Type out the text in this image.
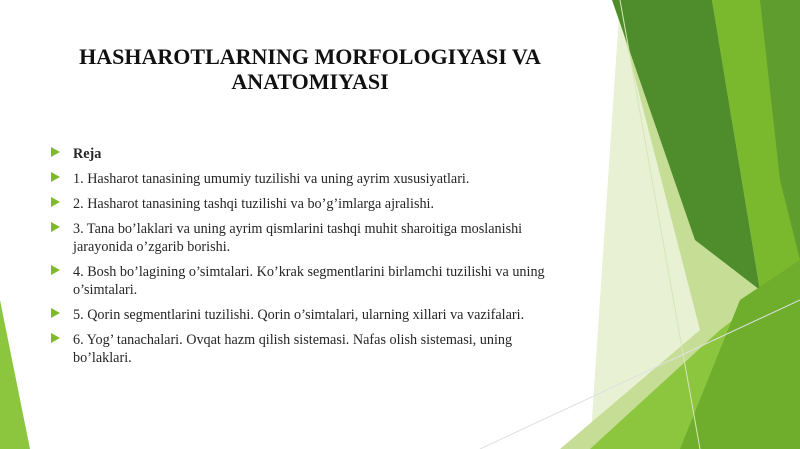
HASHAROTLARNING MORFOLOGIYASI VA ANATOMIYASI
Reja
1. Hasharot tanasining umumiy tuzilishi va uning ayrim xususiyatlari.
2. Hasharot tanasining tashqi tuzilishi va bo’g’imlarga ajralishi.
3. Tana bo’laklari va uning ayrim qismlarini tashqi muhit sharoitiga moslanishi jarayonida o’zgarib borishi.
4. Bosh bo’lagining o’simtalari. Ko’krak segmentlarini birlamchi tuzilishi va uning o’simtalari.
5. Qorin segmentlarini tuzilishi. Qorin o’simtalari, ularning xillari va vazifalari.
6. Yog’ tanachalari. Ovqat hazm qilish sistemasi. Nafas olish sistemasi, uning bo’laklari.
